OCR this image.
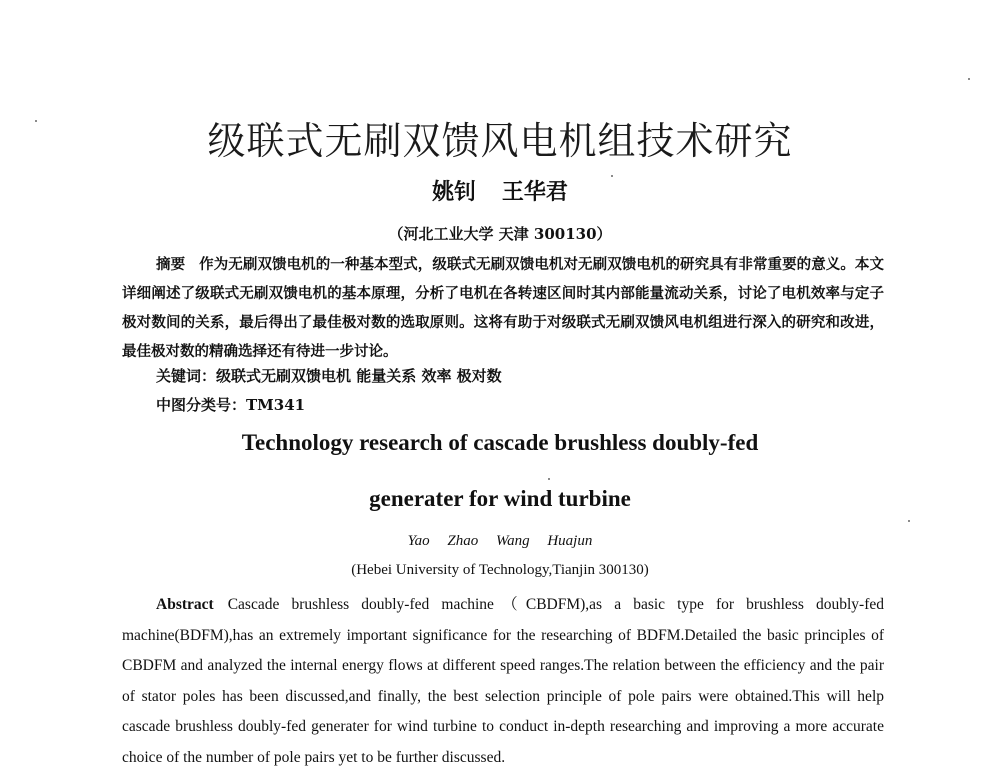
级联式无刷双馈风电机组技术研究
姚钊 王华君
（河北工业大学 天津 300130）
摘要 作为无刷双馈电机的一种基本型式，级联式无刷双馈电机对无刷双馈电机的研究具有非常重要的意义。本文详细阐述了级联式无刷双馈电机的基本原理，分析了电机在各转速区间时其内部能量流动关系，讨论了电机效率与定子极对数间的关系，最后得出了最佳极对数的选取原则。这将有助于对级联式无刷双馈风电机组进行深入的研究和改进，最佳极对数的精确选择还有待进一步讨论。
关键词：级联式无刷双馈电机 能量关系 效率 极对数
中图分类号：TM341
Technology research of cascade brushless doubly-fed
generater for wind turbine
Yao Zhao Wang Huajun
(Hebei University of Technology,Tianjin 300130)
Abstract Cascade brushless doubly-fed machine（CBDFM),as a basic type for brushless doubly-fed machine(BDFM),has an extremely important significance for the researching of BDFM.Detailed the basic principles of CBDFM and analyzed the internal energy flows at different speed ranges.The relation between the efficiency and the pair of stator poles has been discussed,and finally, the best selection principle of pole pairs were obtained.This will help cascade brushless doubly-fed generater for wind turbine to conduct in-depth researching and improving a more accurate choice of the number of pole pairs yet to be further discussed.
